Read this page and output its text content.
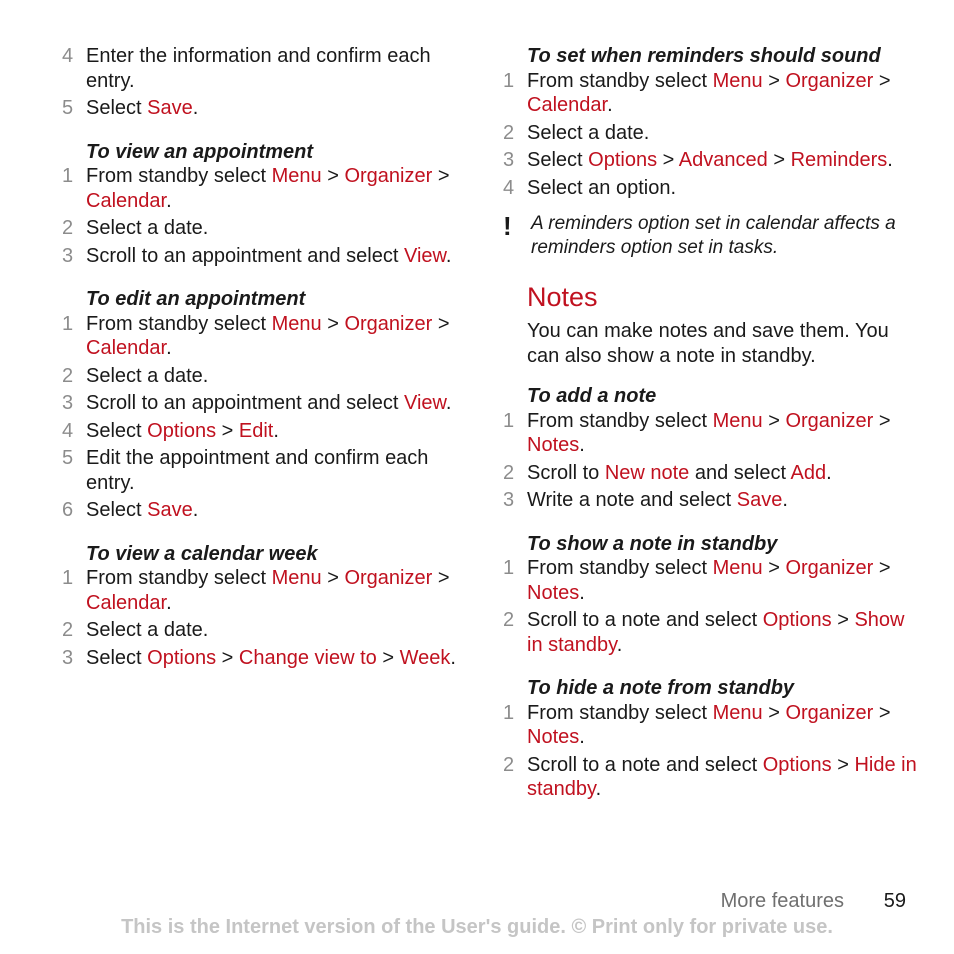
4 Enter the information and confirm each entry.
5 Select Save.
To view an appointment
1 From standby select Menu > Organizer > Calendar.
2 Select a date.
3 Scroll to an appointment and select View.
To edit an appointment
1 From standby select Menu > Organizer > Calendar.
2 Select a date.
3 Scroll to an appointment and select View.
4 Select Options > Edit.
5 Edit the appointment and confirm each entry.
6 Select Save.
To view a calendar week
1 From standby select Menu > Organizer > Calendar.
2 Select a date.
3 Select Options > Change view to > Week.
To set when reminders should sound
1 From standby select Menu > Organizer > Calendar.
2 Select a date.
3 Select Options > Advanced > Reminders.
4 Select an option.
! A reminders option set in calendar affects a reminders option set in tasks.
Notes

You can make notes and save them. You can also show a note in standby.

To add a note
1 From standby select Menu > Organizer > Notes.
2 Scroll to New note and select Add.
3 Write a note and select Save.
To show a note in standby
1 From standby select Menu > Organizer > Notes.
2 Scroll to a note and select Options > Show in standby.
To hide a note from standby
1 From standby select Menu > Organizer > Notes.
2 Scroll to a note and select Options > Hide in standby.
More features 59
This is the Internet version of the User's guide. © Print only for private use.
